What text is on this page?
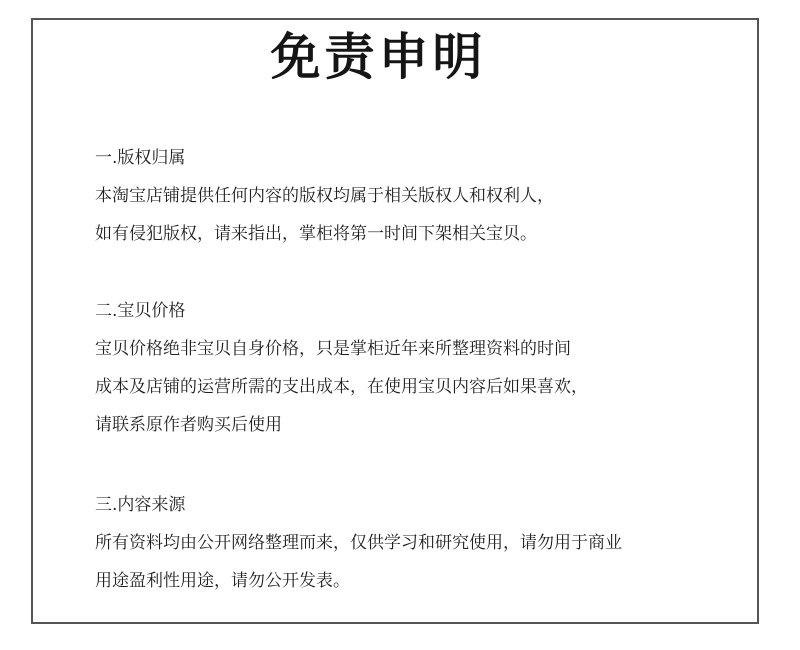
免责申明
一.版权归属
本淘宝店铺提供任何内容的版权均属于相关版权人和权利人，
如有侵犯版权，请来指出，掌柜将第一时间下架相关宝贝。
二.宝贝价格
宝贝价格绝非宝贝自身价格，只是掌柜近年来所整理资料的时间
成本及店铺的运营所需的支出成本，在使用宝贝内容后如果喜欢，
请联系原作者购买后使用
三.内容来源
所有资料均由公开网络整理而来，仅供学习和研究使用，请勿用于商业
用途盈利性用途，请勿公开发表。
